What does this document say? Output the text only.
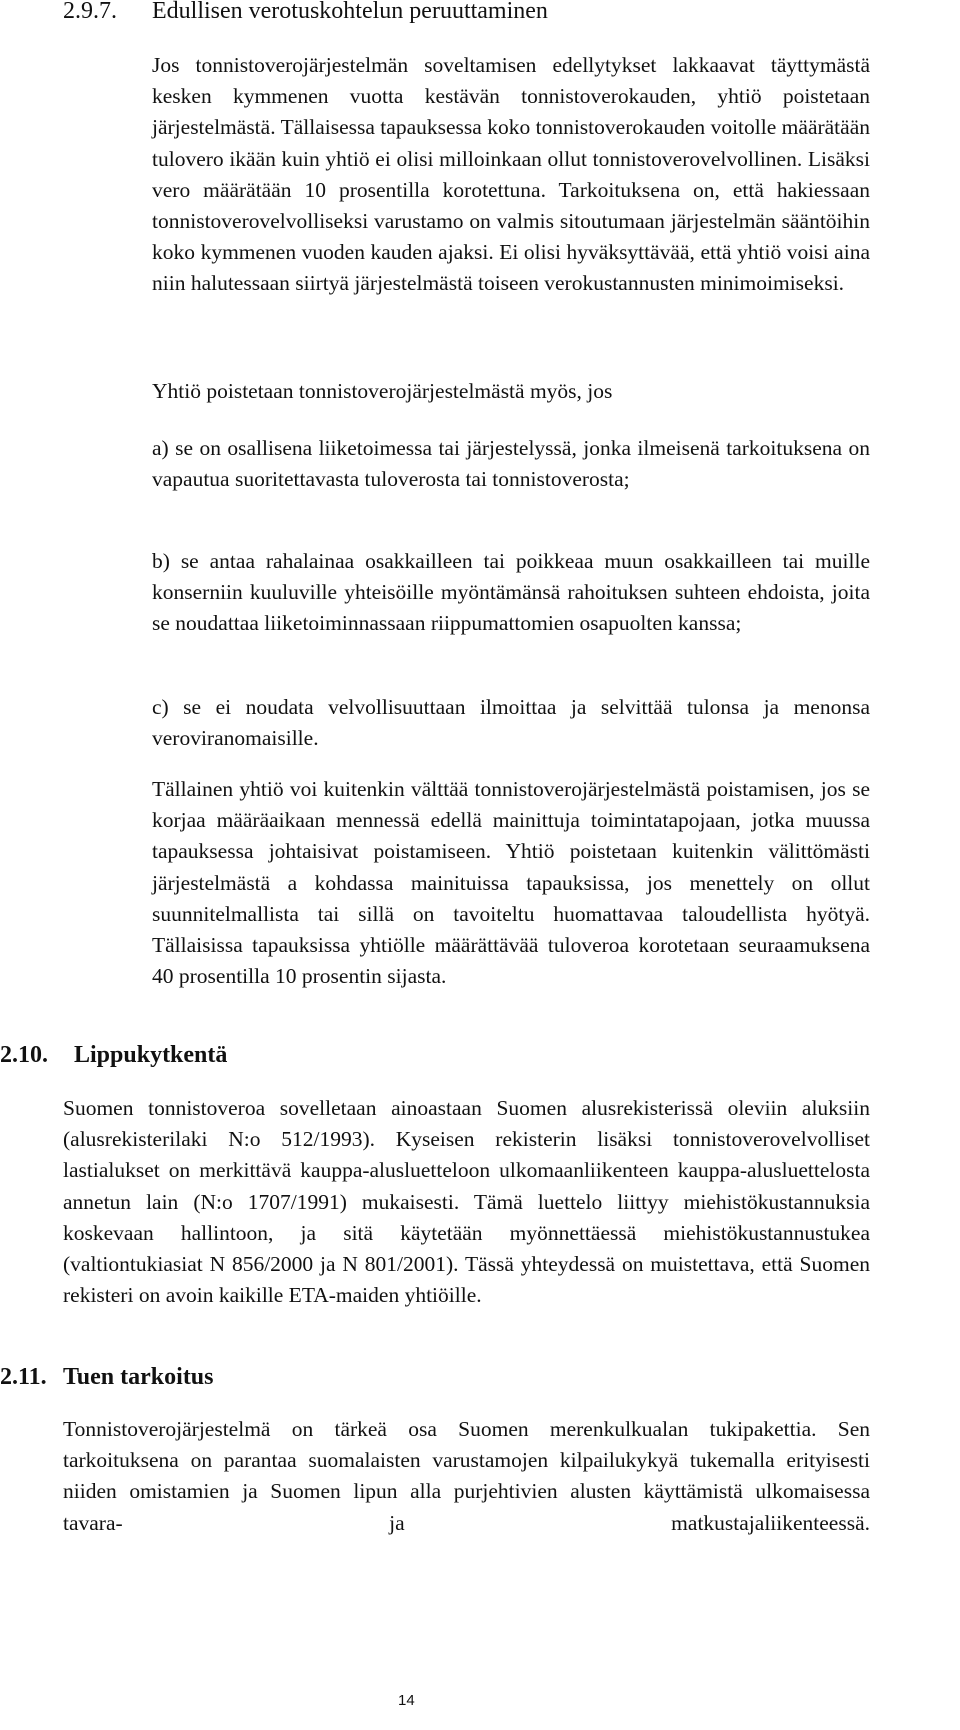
2.9.7. Edullisen verotuskohtelun peruuttaminen

Jos tonnistoverojärjestelmän soveltamisen edellytykset lakkaavat täyttymästä kesken kymmenen vuotta kestävän tonnistoverokauden, yhtiö poistetaan järjestelmästä. Tällaisessa tapauksessa koko tonnistoverokauden voitolle määrätään tulovero ikään kuin yhtiö ei olisi milloinkaan ollut tonnistoverovelvollinen. Lisäksi vero määrätään 10 prosentilla korotettuna. Tarkoituksena on, että hakiessaan tonnistoverovelvolliseksi varustamo on valmis sitoutumaan järjestelmän sääntöihin koko kymmenen vuoden kauden ajaksi. Ei olisi hyväksyttävää, että yhtiö voisi aina niin halutessaan siirtyä järjestelmästä toiseen verokustannusten minimoimiseksi.

Yhtiö poistetaan tonnistoverojärjestelmästä myös, jos

a) se on osallisena liiketoimessa tai järjestelyssä, jonka ilmeisenä tarkoituksena on vapautua suoritettavasta tuloverosta tai tonnistoverosta;

b) se antaa rahalainaa osakkailleen tai poikkeaa muun osakkailleen tai muille konserniin kuuluville yhteisöille myöntämänsä rahoituksen suhteen ehdoista, joita se noudattaa liiketoiminnassaan riippumattomien osapuolten kanssa;

c) se ei noudata velvollisuuttaan ilmoittaa ja selvittää tulonsa ja menonsa veroviranomaisille.

Tällainen yhtiö voi kuitenkin välttää tonnistoverojärjestelmästä poistamisen, jos se korjaa määräaikaan mennessä edellä mainittuja toimintatapojaan, jotka muussa tapauksessa johtaisivat poistamiseen. Yhtiö poistetaan kuitenkin välittömästi järjestelmästä a kohdassa mainituissa tapauksissa, jos menettely on ollut suunnitelmallista tai sillä on tavoiteltu huomattavaa taloudellista hyötyä. Tällaisissa tapauksissa yhtiölle määrättävää tuloveroa korotetaan seuraamuksena 40 prosentilla 10 prosentin sijasta.

2.10. Lippukytkentä

Suomen tonnistoveroa sovelletaan ainoastaan Suomen alusrekisterissä oleviin aluksiin (alusrekisterilaki N:o 512/1993). Kyseisen rekisterin lisäksi tonnistoverovelvolliset lastialukset on merkittävä kauppa-alusluetteloon ulkomaanliikenteen kauppa-alusluettelosta annetun lain (N:o 1707/1991) mukaisesti. Tämä luettelo liittyy miehistökustannuksia koskevaan hallintoon, ja sitä käytetään myönnettäessä miehistökustannustukea (valtiontukiasiat N 856/2000 ja N 801/2001). Tässä yhteydessä on muistettava, että Suomen rekisteri on avoin kaikille ETA-maiden yhtiöille.

2.11. Tuen tarkoitus

Tonnistoverojärjestelmä on tärkeä osa Suomen merenkulkualan tukipakettia. Sen tarkoituksena on parantaa suomalaisten varustamojen kilpailukykyä tukemalla erityisesti niiden omistamien ja Suomen lipun alla purjehtivien alusten käyttämistä ulkomaisessa tavara- ja matkustajaliikenteessä.

14
